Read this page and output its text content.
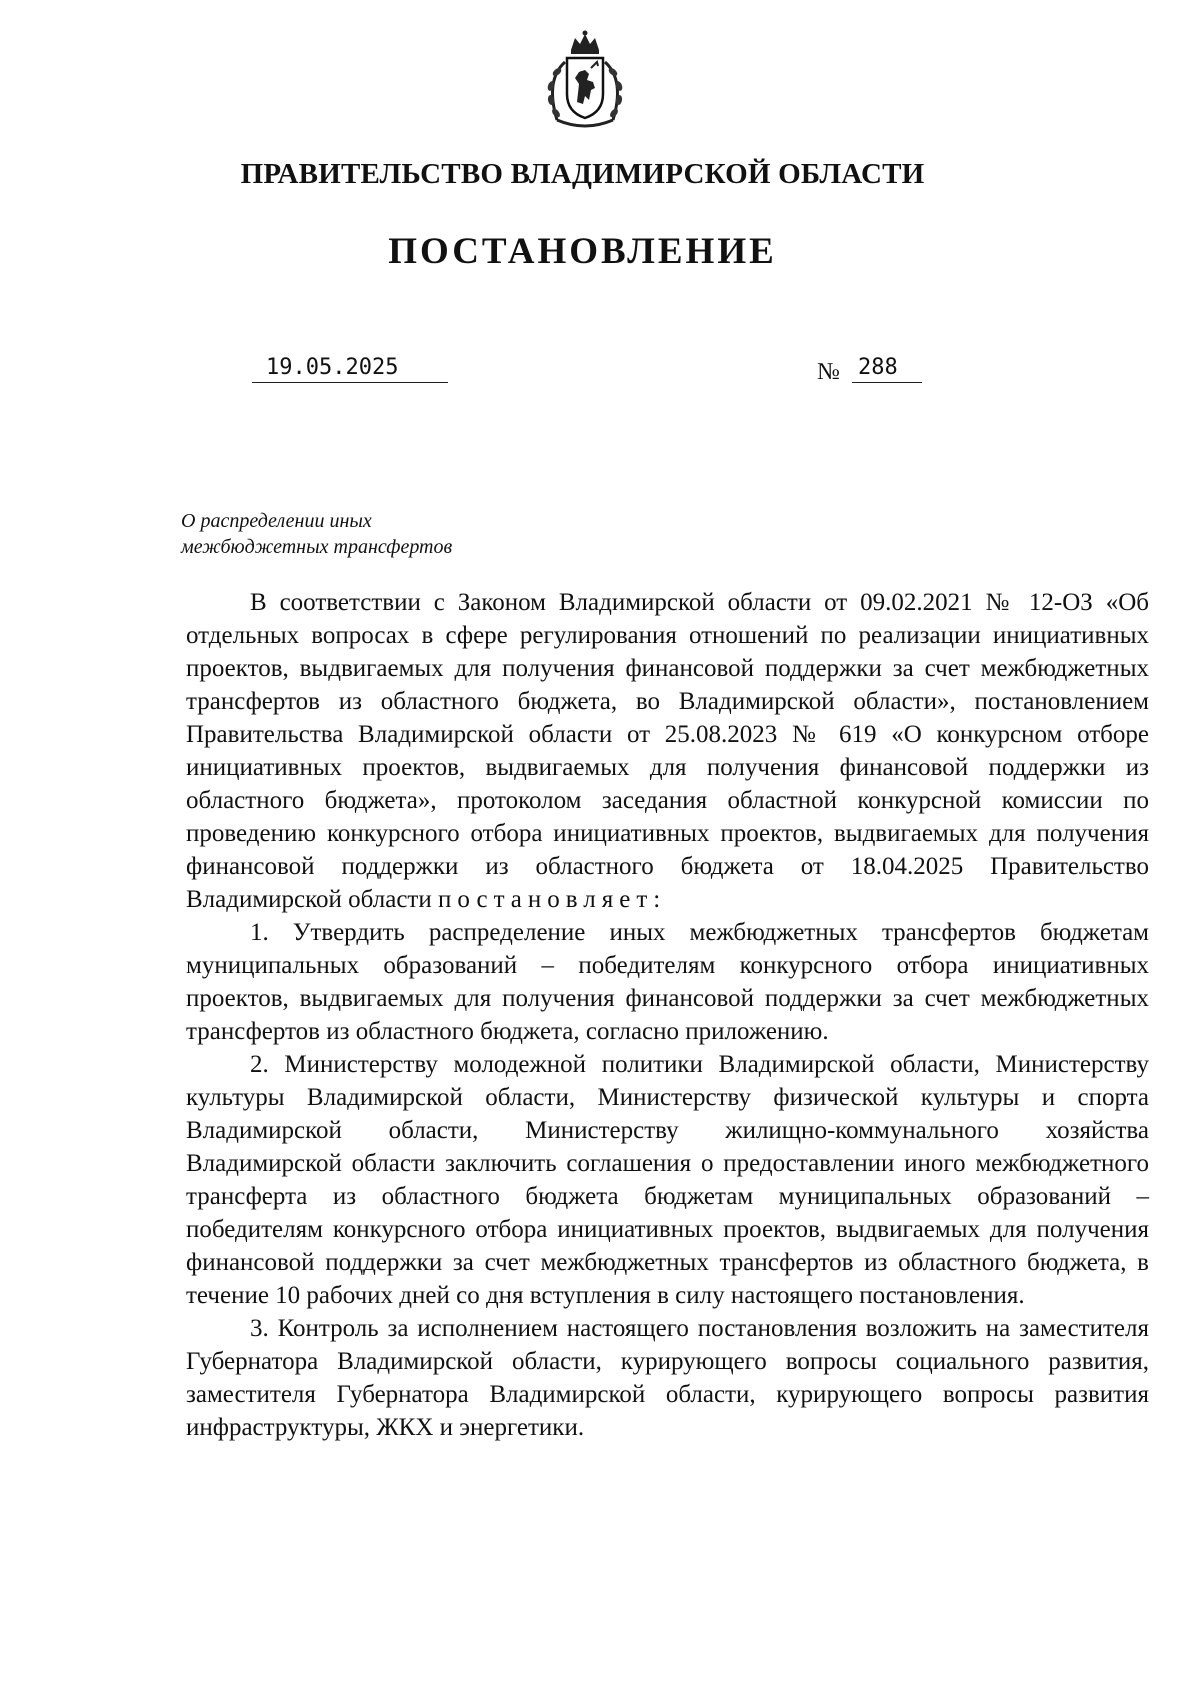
ПРАВИТЕЛЬСТВО ВЛАДИМИРСКОЙ ОБЛАСТИ
ПОСТАНОВЛЕНИЕ
19.05.2025	№ 288
О распределении иных
межбюджетных трансфертов

В соответствии с Законом Владимирской области от 09.02.2021 № 12-ОЗ «Об отдельных вопросах в сфере регулирования отношений по реализации инициативных проектов, выдвигаемых для получения финансовой поддержки за счет межбюджетных трансфертов из областного бюджета, во Владимирской области», постановлением Правительства Владимирской области от 25.08.2023 № 619 «О конкурсном отборе инициативных проектов, выдвигаемых для получения финансовой поддержки из областного бюджета», протоколом заседания областной конкурсной комиссии по проведению конкурсного отбора инициативных проектов, выдвигаемых для получения финансовой поддержки из областного бюджета от 18.04.2025 Правительство Владимирской области постановляет:

1. Утвердить распределение иных межбюджетных трансфертов бюджетам муниципальных образований – победителям конкурсного отбора инициативных проектов, выдвигаемых для получения финансовой поддержки за счет межбюджетных трансфертов из областного бюджета, согласно приложению.

2. Министерству молодежной политики Владимирской области, Министерству культуры Владимирской области, Министерству физической культуры и спорта Владимирской области, Министерству жилищно-коммунального хозяйства Владимирской области заключить соглашения о предоставлении иного межбюджетного трансферта из областного бюджета бюджетам муниципальных образований – победителям конкурсного отбора инициативных проектов, выдвигаемых для получения финансовой поддержки за счет межбюджетных трансфертов из областного бюджета, в течение 10 рабочих дней со дня вступления в силу настоящего постановления.

3. Контроль за исполнением настоящего постановления возложить на заместителя Губернатора Владимирской области, курирующего вопросы социального развития, заместителя Губернатора Владимирской области, курирующего вопросы развития инфраструктуры, ЖКХ и энергетики.
